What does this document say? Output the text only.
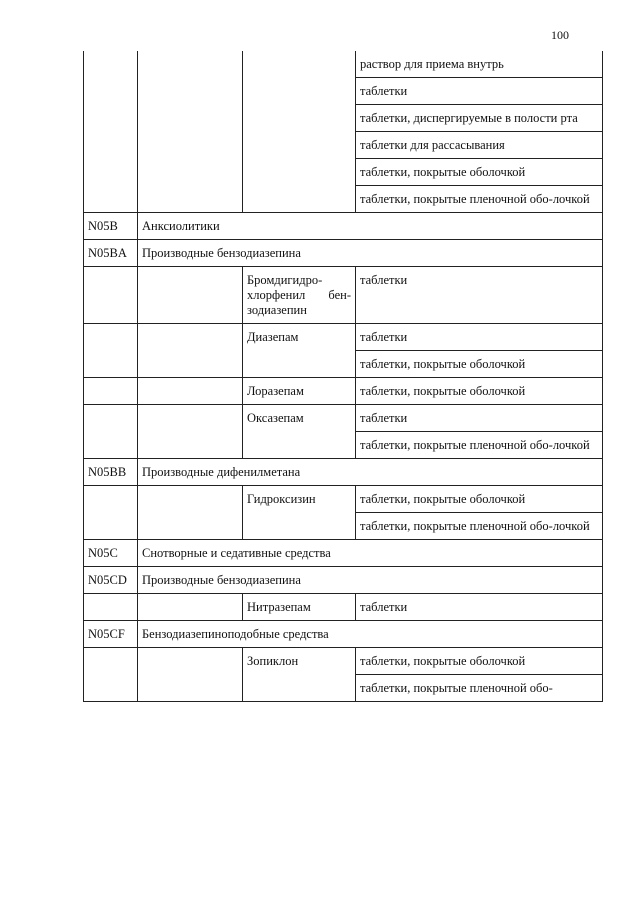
100
			раствор для приема внутрь
			таблетки
			таблетки, диспергируемые в полости рта
			таблетки для рассасывания
			таблетки, покрытые оболочкой
			таблетки, покрытые пленочной обо-лочкой
N05B	Анксиолитики		
N05BA	Производные бензодиазепина		
		Бромдигидро-хлорфенил бен-зодиазепин	таблетки
		Диазепам	таблетки
			таблетки, покрытые оболочкой
		Лоразепам	таблетки, покрытые оболочкой
		Оксазепам	таблетки
			таблетки, покрытые пленочной обо-лочкой
N05BB	Производные дифенилметана		
		Гидроксизин	таблетки, покрытые оболочкой
			таблетки, покрытые пленочной обо-лочкой
N05C	Снотворные и седативные средства		
N05CD	Производные бензодиазепина		
		Нитразепам	таблетки
N05CF	Бензодиазепиноподобные средства		
		Зопиклон	таблетки, покрытые оболочкой
			таблетки, покрытые пленочной обо-
